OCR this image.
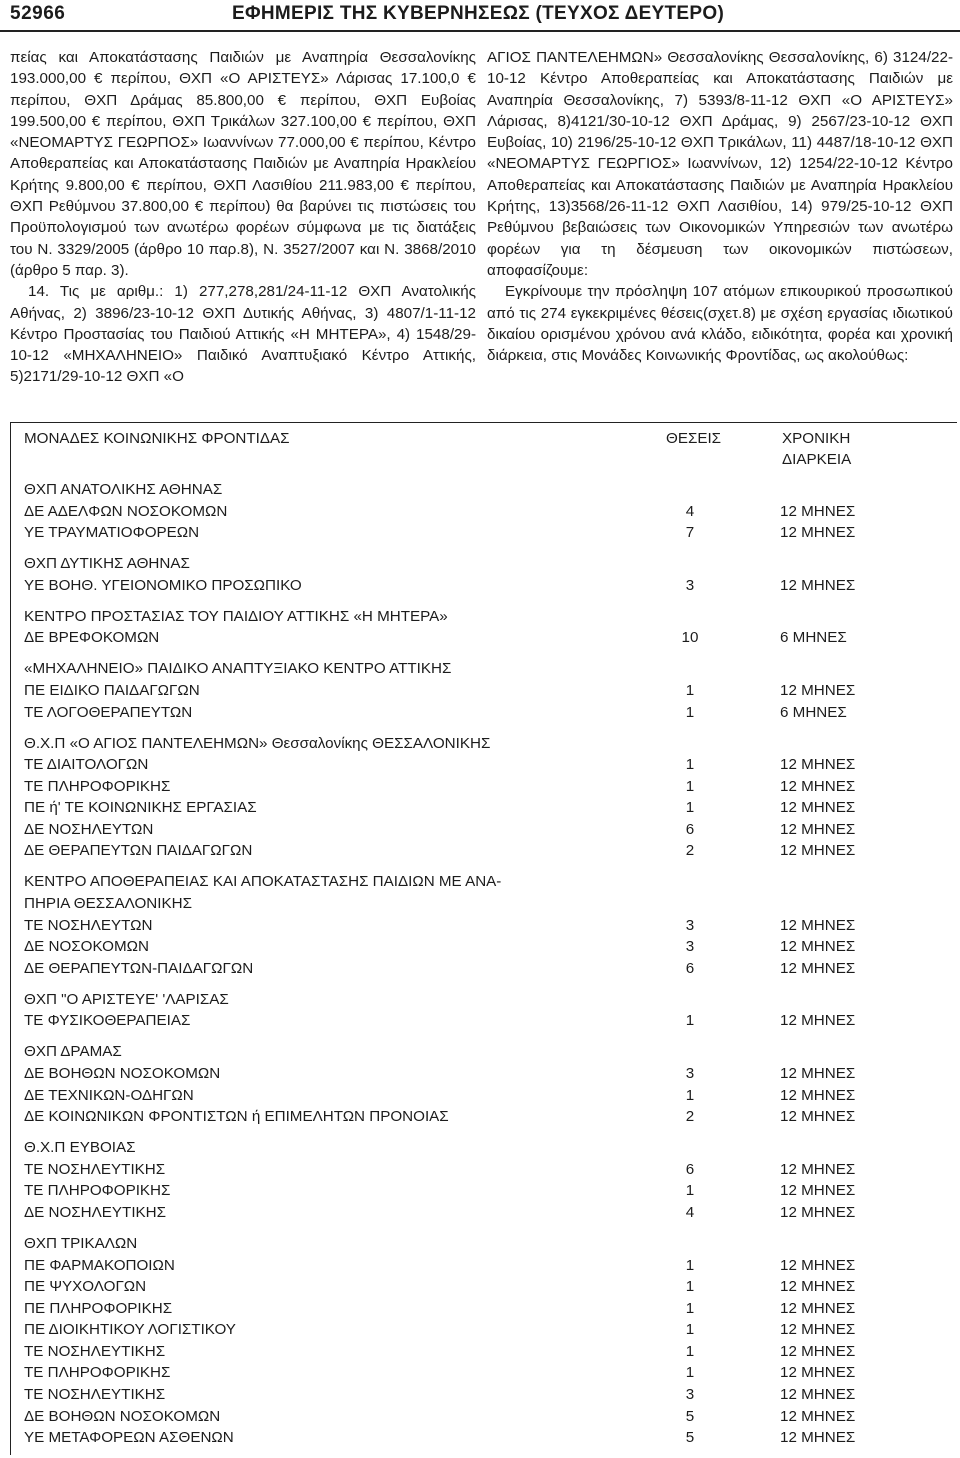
52966	ΕΦΗΜΕΡΙΣ ΤΗΣ ΚΥΒΕΡΝΗΣΕΩΣ (ΤΕΥΧΟΣ ΔΕΥΤΕΡΟ)

πείας και Αποκατάστασης Παιδιών με Αναπηρία Θεσσαλονίκης 193.000,00 € περίπου, ΘΧΠ «Ο ΑΡΙΣΤΕΥΣ» Λάρισας 17.100,0 € περίπου, ΘΧΠ Δράμας 85.800,00 € περίπου, ΘΧΠ Ευβοίας 199.500,00 € περίπου, ΘΧΠ Τρικάλων 327.100,00 € περίπου, ΘΧΠ «ΝΕΟΜΑΡΤΥΣ ΓΕΩΡΠΟΣ» Ιωαννίνων 77.000,00 € περίπου, Κέντρο Αποθεραπείας και Αποκατάστασης Παιδιών με Αναπηρία Ηρακλείου Κρήτης 9.800,00 € περίπου, ΘΧΠ Λασιθίου 211.983,00 € περίπου, ΘΧΠ Ρεθύμνου 37.800,00 € περίπου) θα βαρύνει τις πιστώσεις του Προϋπολογισμού των ανωτέρω φορέων σύμφωνα με τις διατάξεις του Ν. 3329/2005 (άρθρο 10 παρ.8), Ν. 3527/2007 και Ν. 3868/2010 (άρθρο 5 παρ. 3).

14. Τις με αριθμ.: 1) 277,278,281/24-11-12 ΘΧΠ Ανατολικής Αθήνας, 2) 3896/23-10-12 ΘΧΠ Δυτικής Αθήνας, 3) 4807/1-11-12 Κέντρο Προστασίας του Παιδιού Αττικής «Η ΜΗΤΕΡΑ», 4) 1548/29-10-12 «ΜΗΧΑΛΗΝΕΙΟ» Παιδικό Αναπτυξιακό Κέντρο Αττικής, 5)2171/29-10-12 ΘΧΠ «Ο

ΑΓΙΟΣ ΠΑΝΤΕΛΕΗΜΩΝ» Θεσσαλονίκης Θεσσαλονίκης, 6) 3124/22-10-12 Κέντρο Αποθεραπείας και Αποκατάστασης Παιδιών με Αναπηρία Θεσσαλονίκης, 7) 5393/8-11-12 ΘΧΠ «Ο ΑΡΙΣΤΕΥΣ» Λάρισας, 8)4121/30-10-12 ΘΧΠ Δράμας, 9) 2567/23-10-12 ΘΧΠ Ευβοίας, 10) 2196/25-10-12 ΘΧΠ Τρικάλων, 11) 4487/18-10-12 ΘΧΠ «ΝΕΟΜΑΡΤΥΣ ΓΕΩΡΓΙΟΣ» Ιωαννίνων, 12) 1254/22-10-12 Κέντρο Αποθεραπείας και Αποκατάστασης Παιδιών με Αναπηρία Ηρακλείου Κρήτης, 13)3568/26-11-12 ΘΧΠ Λασιθίου, 14) 979/25-10-12 ΘΧΠ Ρεθύμνου βεβαιώσεις των Οικονομικών Υπηρεσιών των ανωτέρω φορέων για τη δέσμευση των οικονομικών πιστώσεων, αποφασίζουμε:

Εγκρίνουμε την πρόσληψη 107 ατόμων επικουρικού προσωπικού από τις 274 εγκεκριμένες θέσεις(σχετ.8) με σχέση εργασίας ιδιωτικού δικαίου ορισμένου χρόνου ανά κλάδο, ειδικότητα, φορέα και χρονική διάρκεια, στις Μονάδες Κοινωνικής Φροντίδας, ως ακολούθως:

ΜΟΝΑΔΕΣ ΚΟΙΝΩΝΙΚΗΣ ΦΡΟΝΤΙΔΑΣ	ΘΕΣΕΙΣ	ΧΡΟΝΙΚΗ
ΔΙΑΡΚΕΙΑ
ΘΧΠ ΑΝΑΤΟΛΙΚΗΣ ΑΘΗΝΑΣ
ΔΕ ΑΔΕΛΦΩΝ ΝΟΣΟΚΟΜΩΝ	4	12 ΜΗΝΕΣ
ΥΕ ΤΡΑΥΜΑΤΙΟΦΟΡΕΩΝ	7	12 ΜΗΝΕΣ
ΘΧΠ ΔΥΤΙΚΗΣ ΑΘΗΝΑΣ
ΥΕ ΒΟΗΘ. ΥΓΕΙΟΝΟΜΙΚΟ ΠΡΟΣΩΠΙΚΟ	3	12 ΜΗΝΕΣ
ΚΕΝΤΡΟ ΠΡΟΣΤΑΣΙΑΣ ΤΟΥ ΠΑΙΔΙΟΥ ΑΤΤΙΚΗΣ «Η ΜΗΤΕΡΑ»
ΔΕ ΒΡΕΦΟΚΟΜΩΝ	10	6 ΜΗΝΕΣ
«ΜΗΧΑΛΗΝΕΙΟ» ΠΑΙΔΙΚΟ ΑΝΑΠΤΥΞΙΑΚΟ ΚΕΝΤΡΟ ΑΤΤΙΚΗΣ
ΠΕ ΕΙΔΙΚΟ ΠΑΙΔΑΓΩΓΩΝ	1	12 ΜΗΝΕΣ
ΤΕ ΛΟΓΟΘΕΡΑΠΕΥΤΩΝ	1	6 ΜΗΝΕΣ
Θ.Χ.Π «Ο ΑΓΙΟΣ ΠΑΝΤΕΛΕΗΜΩΝ» Θεσσαλονίκης ΘΕΣΣΑΛΟΝΙΚΗΣ
ΤΕ ΔΙΑΙΤΟΛΟΓΩΝ	1	12 ΜΗΝΕΣ
ΤΕ ΠΛΗΡΟΦΟΡΙΚΗΣ	1	12 ΜΗΝΕΣ
ΠΕ ή' ΤΕ ΚΟΙΝΩΝΙΚΗΣ ΕΡΓΑΣΙΑΣ	1	12 ΜΗΝΕΣ
ΔΕ ΝΟΣΗΛΕΥΤΩΝ	6	12 ΜΗΝΕΣ
ΔΕ ΘΕΡΑΠΕΥΤΩΝ ΠΑΙΔΑΓΩΓΩΝ	2	12 ΜΗΝΕΣ
ΚΕΝΤΡΟ ΑΠΟΘΕΡΑΠΕΙΑΣ ΚΑΙ ΑΠΟΚΑΤΑΣΤΑΣΗΣ ΠΑΙΔΙΩΝ ΜΕ ΑΝΑ-
ΠΗΡΙΑ ΘΕΣΣΑΛΟΝΙΚΗΣ
ΤΕ ΝΟΣΗΛΕΥΤΩΝ	3	12 ΜΗΝΕΣ
ΔΕ ΝΟΣΟΚΟΜΩΝ	3	12 ΜΗΝΕΣ
ΔΕ ΘΕΡΑΠΕΥΤΩΝ-ΠΑΙΔΑΓΩΓΩΝ	6	12 ΜΗΝΕΣ
ΘΧΠ "Ο ΑΡΙΣΤΕΥΕ' 'ΛΑΡΙΣΑΣ
ΤΕ ΦΥΣΙΚΟΘΕΡΑΠΕΙΑΣ	1	12 ΜΗΝΕΣ
ΘΧΠ ΔΡΑΜΑΣ
ΔΕ ΒΟΗΘΩΝ ΝΟΣΟΚΟΜΩΝ	3	12 ΜΗΝΕΣ
ΔΕ ΤΕΧΝΙΚΩΝ-ΟΔΗΓΩΝ	1	12 ΜΗΝΕΣ
ΔΕ ΚΟΙΝΩΝΙΚΩΝ ΦΡΟΝΤΙΣΤΩΝ ή ΕΠΙΜΕΛΗΤΩΝ ΠΡΟΝΟΙΑΣ	2	12 ΜΗΝΕΣ
Θ.Χ.Π ΕΥΒΟΙΑΣ
ΤΕ ΝΟΣΗΛΕΥΤΙΚΗΣ	6	12 ΜΗΝΕΣ
ΤΕ ΠΛΗΡΟΦΟΡΙΚΗΣ	1	12 ΜΗΝΕΣ
ΔΕ ΝΟΣΗΛΕΥΤΙΚΗΣ	4	12 ΜΗΝΕΣ
ΘΧΠ ΤΡΙΚΑΛΩΝ
ΠΕ ΦΑΡΜΑΚΟΠΟΙΩΝ	1	12 ΜΗΝΕΣ
ΠΕ ΨΥΧΟΛΟΓΩΝ	1	12 ΜΗΝΕΣ
ΠΕ ΠΛΗΡΟΦΟΡΙΚΗΣ	1	12 ΜΗΝΕΣ
ΠΕ ΔΙΟΙΚΗΤΙΚΟΥ ΛΟΓΙΣΤΙΚΟΥ	1	12 ΜΗΝΕΣ
ΤΕ ΝΟΣΗΛΕΥΤΙΚΗΣ	1	12 ΜΗΝΕΣ
ΤΕ ΠΛΗΡΟΦΟΡΙΚΗΣ	1	12 ΜΗΝΕΣ
ΤΕ ΝΟΣΗΛΕΥΤΙΚΗΣ	3	12 ΜΗΝΕΣ
ΔΕ ΒΟΗΘΩΝ ΝΟΣΟΚΟΜΩΝ	5	12 ΜΗΝΕΣ
ΥΕ ΜΕΤΑΦΟΡΕΩΝ ΑΣΘΕΝΩΝ	5	12 ΜΗΝΕΣ
